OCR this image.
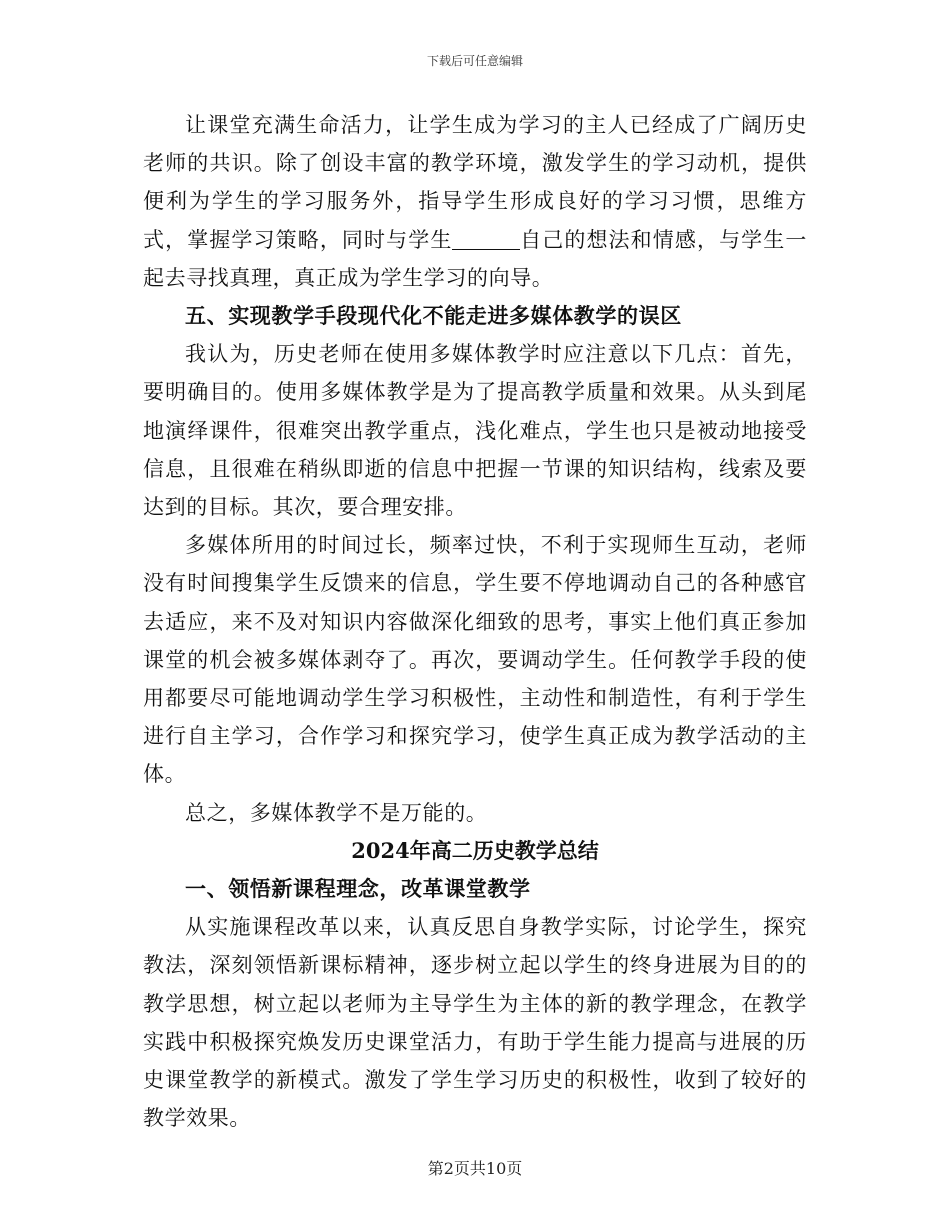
下载后可任意编辑

让课堂充满生命活力，让学生成为学习的主人已经成了广阔历史老师的共识。除了创设丰富的教学环境，激发学生的学习动机，提供便利为学生的学习服务外，指导学生形成良好的学习习惯，思维方式，掌握学习策略，同时与学生	自己的想法和情感，与学生一起去寻找真理，真正成为学生学习的向导。

五、实现教学手段现代化不能走进多媒体教学的误区

我认为，历史老师在使用多媒体教学时应注意以下几点：首先，要明确目的。使用多媒体教学是为了提高教学质量和效果。从头到尾地演绎课件，很难突出教学重点，浅化难点，学生也只是被动地接受信息，且很难在稍纵即逝的信息中把握一节课的知识结构，线索及要达到的目标。其次，要合理安排。

多媒体所用的时间过长，频率过快，不利于实现师生互动，老师没有时间搜集学生反馈来的信息，学生要不停地调动自己的各种感官去适应，来不及对知识内容做深化细致的思考，事实上他们真正参加课堂的机会被多媒体剥夺了。再次，要调动学生。任何教学手段的使用都要尽可能地调动学生学习积极性，主动性和制造性，有利于学生进行自主学习，合作学习和探究学习，使学生真正成为教学活动的主体。

总之，多媒体教学不是万能的。

2024年高二历史教学总结

一、领悟新课程理念，改革课堂教学

从实施课程改革以来，认真反思自身教学实际，讨论学生，探究教法，深刻领悟新课标精神，逐步树立起以学生的终身进展为目的的教学思想，树立起以老师为主导学生为主体的新的教学理念，在教学实践中积极探究焕发历史课堂活力，有助于学生能力提高与进展的历史课堂教学的新模式。激发了学生学习历史的积极性，收到了较好的教学效果。

第2页共10页
